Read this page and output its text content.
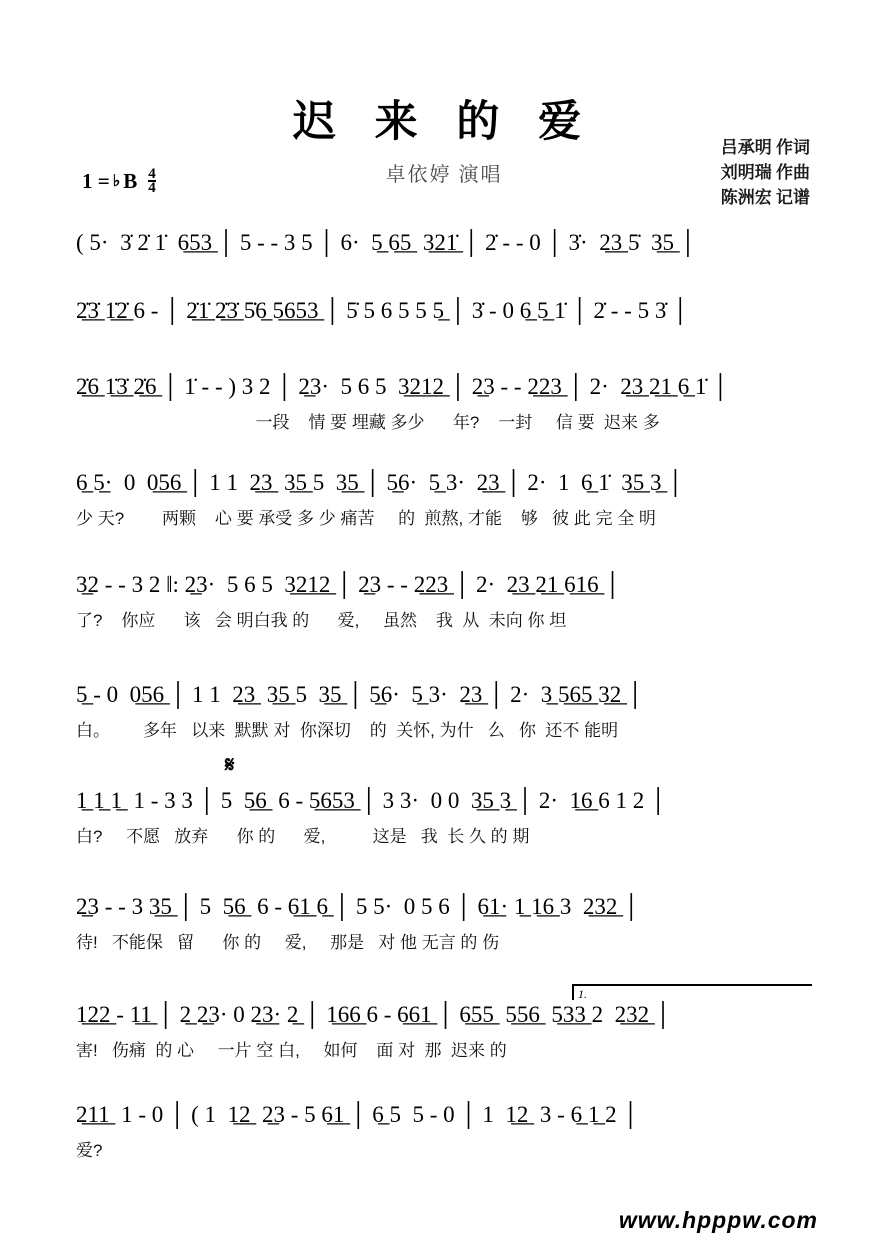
迟 来 的 爱
卓依婷 演唱
吕承明 作词
刘明瑞 作曲
陈洲宏 记谱
1 = ♭ B $\frac{4}{4}$
( 5·  3̇ 2̇ 1̇  6̲5̲3̲ │ 5 - - 3 5 │ 6·  5̲ 6̲5̲  3̲2̲1̲̇ │ 2̇ - - 0 │ 3̇·  2̲3̲ 5̇  3̲5̲ │
2̲̇3̲̇ 1̲̇2̲̇ 6 - │ 2̲̇1̲̇ 2̲̇3̲̇ 5̇̇6̲ 5̲6̲5̲3̲ │ 5̇ 5 6 5 5 5̲ │ 3̇ - 0 6̲ 5̲ 1̇ │ 2̇ - - 5 3̇ │
2̲̇6̲ 1̲̇3̲̇ 2̲̇6̲ │ 1̇ - - ) 3 2 │ 2̲3·  5 6 5  3̲2̲1̲2̲ │ 2̲3 - - 2̲2̲3̲ │ 2·  2̲3̲ 2̲1̲ 6̲ 1̇ │
一段    情 要 埋藏 多少      年?    一封     信 要  迟来 多
6̲ 5̲·  0  0̲5̲6̲ │ 1 1  2̲3̲  3̲5̲ 5  3̲5̲ │ 5̲6·  5̲ 3·  2̲3̲ │ 2·  1  6̲ 1̇  3̲5̲ 3̲ │
少 天?        两颗    心 要 承受 多 少 痛苦     的  煎熬, 才能    够   彼 此 完 全 明
3̲2 - - 3 2 ‖: 2̲3·  5 6 5  3̲2̲1̲2̲ │ 2̲3 - - 2̲2̲3̲ │ 2·  2̲3̲ 2̲1̲ 6̲1̲6̲ │
了?    你应      该   会 明白我 的      爱,     虽然    我  从  未向 你 坦
5̲ - 0  0̲5̲6̲ │ 1 1  2̲3̲  3̲5̲ 5  3̲5̲ │ 5̲6·  5̲ 3·  2̲3̲ │ 2·  3̲ 5̲6̲5̲ 3̲2̲ │
白。       多年   以来  默默 对  你深切    的  关怀, 为什   么   你  还不 能明
𝄋
1̲ 1̲ 1̲  1 - 3 3 │ 5  5̲6̲  6 - 5̲6̲5̲3̲ │ 3 3·  0 0  3̲5̲ 3̲ │ 2·  1̲6̲ 6 1 2 │
白?     不愿   放弃      你 的      爱,          这是   我  长 久 的 期
2̲3 - - 3 3̲5̲ │ 5  5̲6̲  6 - 6̲1̲ 6̲ │ 5 5·  0 5 6 │ 6̲1̲· 1̲ 1̲6̲ 3  2̲3̲2̲ │
待!   不能保   留      你 的     爱,     那是   对 他 无言 的 伤
1.
1̲2̲2̲ - 1̲1̲ │ 2̲ 2̲3· 0 2̲3̲· 2̲ │ 1̲6̲6̲ 6 - 6̲6̲1̲ │ 6̲5̲5̲  5̲5̲6̲  5̲3̲3̲ 2  2̲3̲2̲ │
害!   伤痛  的 心     一片 空 白,     如何    面 对  那  迟来 的
2̲1̲1̲  1 - 0 │ ( 1  1̲2̲  2̲3 - 5 6̲1̲ │ 6̲ 5  5 - 0 │ 1  1̲2̲  3 - 6̲ 1̲ 2 │
爱?
www.hpppw.com
